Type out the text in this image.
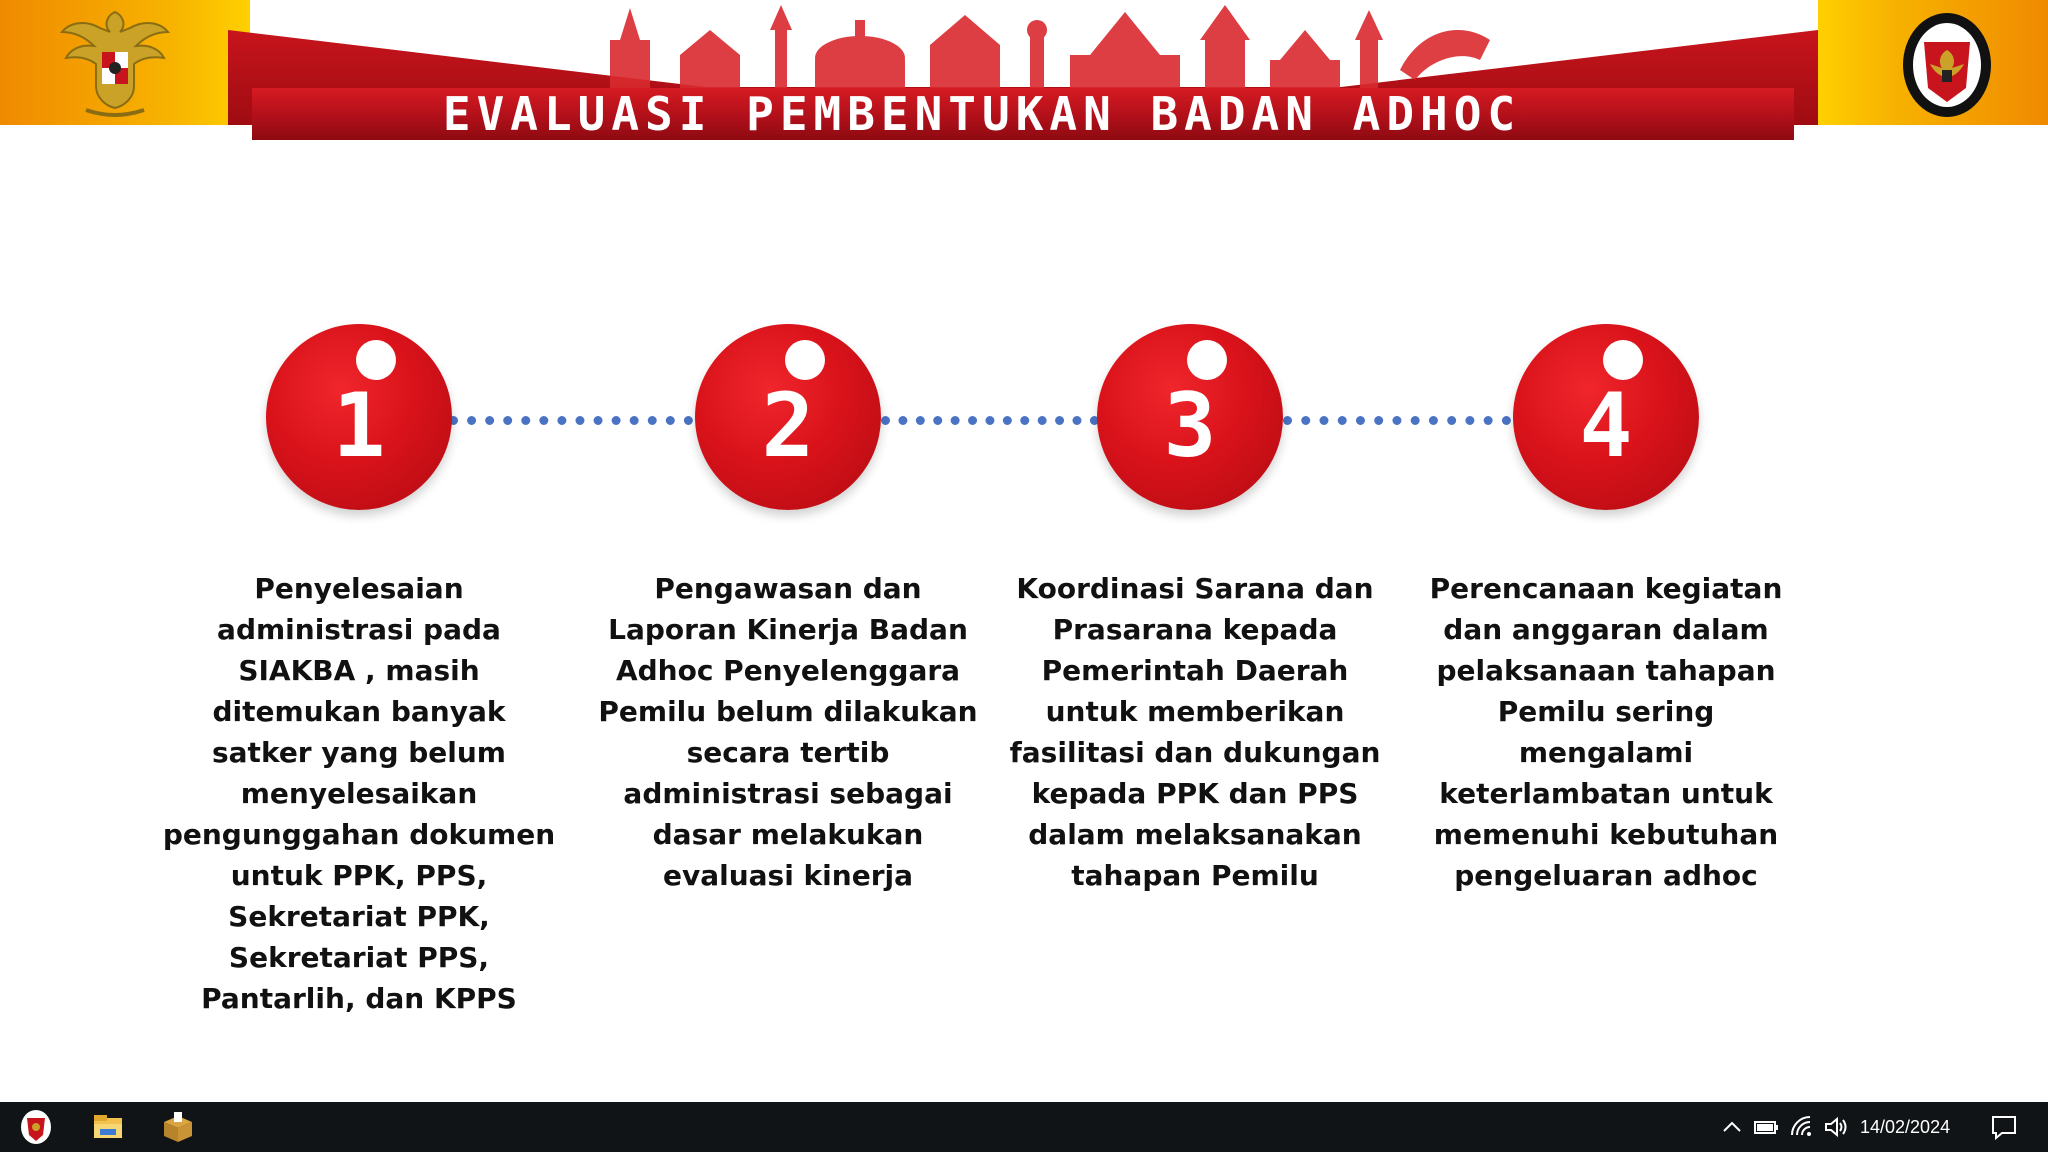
EVALUASI PEMBENTUKAN BADAN ADHOC
1	2	3	4
Penyelesaian administrasi pada SIAKBA , masih ditemukan banyak satker yang belum menyelesaikan pengunggahan dokumen untuk PPK, PPS, Sekretariat PPK, Sekretariat PPS, Pantarlih, dan KPPS
Pengawasan dan Laporan Kinerja Badan Adhoc Penyelenggara Pemilu belum dilakukan secara tertib administrasi sebagai dasar melakukan evaluasi kinerja
Koordinasi Sarana dan Prasarana kepada Pemerintah Daerah untuk memberikan fasilitasi dan dukungan kepada PPK dan PPS dalam melaksanakan tahapan Pemilu
Perencanaan kegiatan dan anggaran dalam pelaksanaan tahapan Pemilu sering mengalami keterlambatan untuk memenuhi kebutuhan pengeluaran adhoc
14/02/2024
